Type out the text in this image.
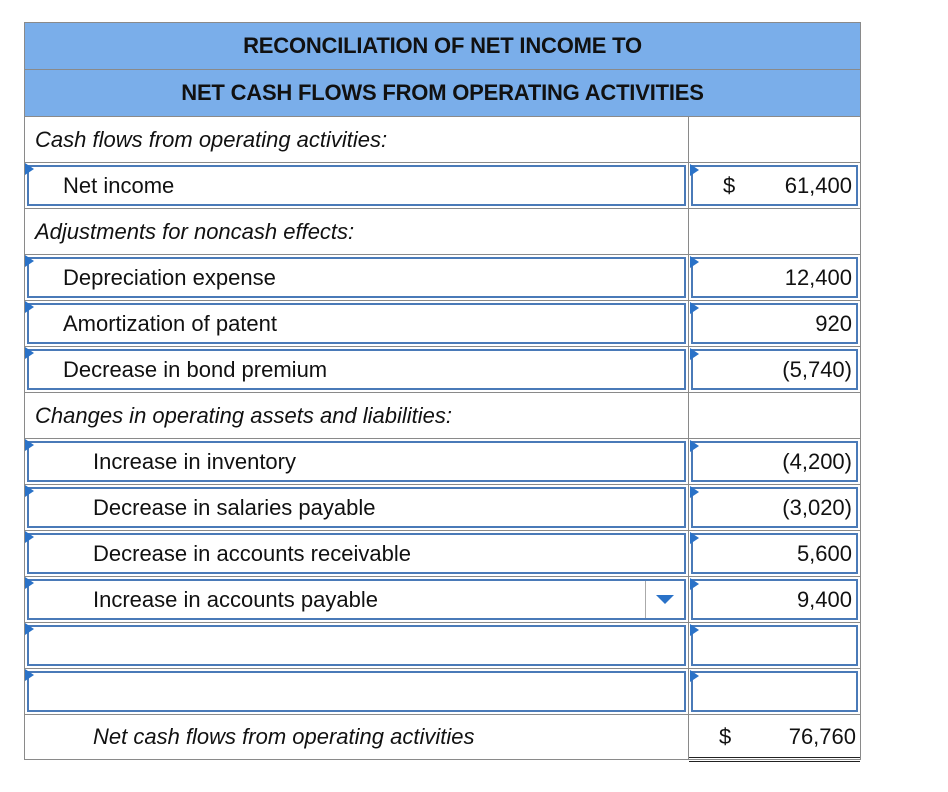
RECONCILIATION OF NET INCOME TO
NET CASH FLOWS FROM OPERATING ACTIVITIES
Cash flows from operating activities:
Net income	$ 61,400
Adjustments for noncash effects:
Depreciation expense	12,400
Amortization of patent	920
Decrease in bond premium	(5,740)
Changes in operating assets and liabilities:
Increase in inventory	(4,200)
Decrease in salaries payable	(3,020)
Decrease in accounts receivable	5,600
Increase in accounts payable	9,400
Net cash flows from operating activities	$	76,760
